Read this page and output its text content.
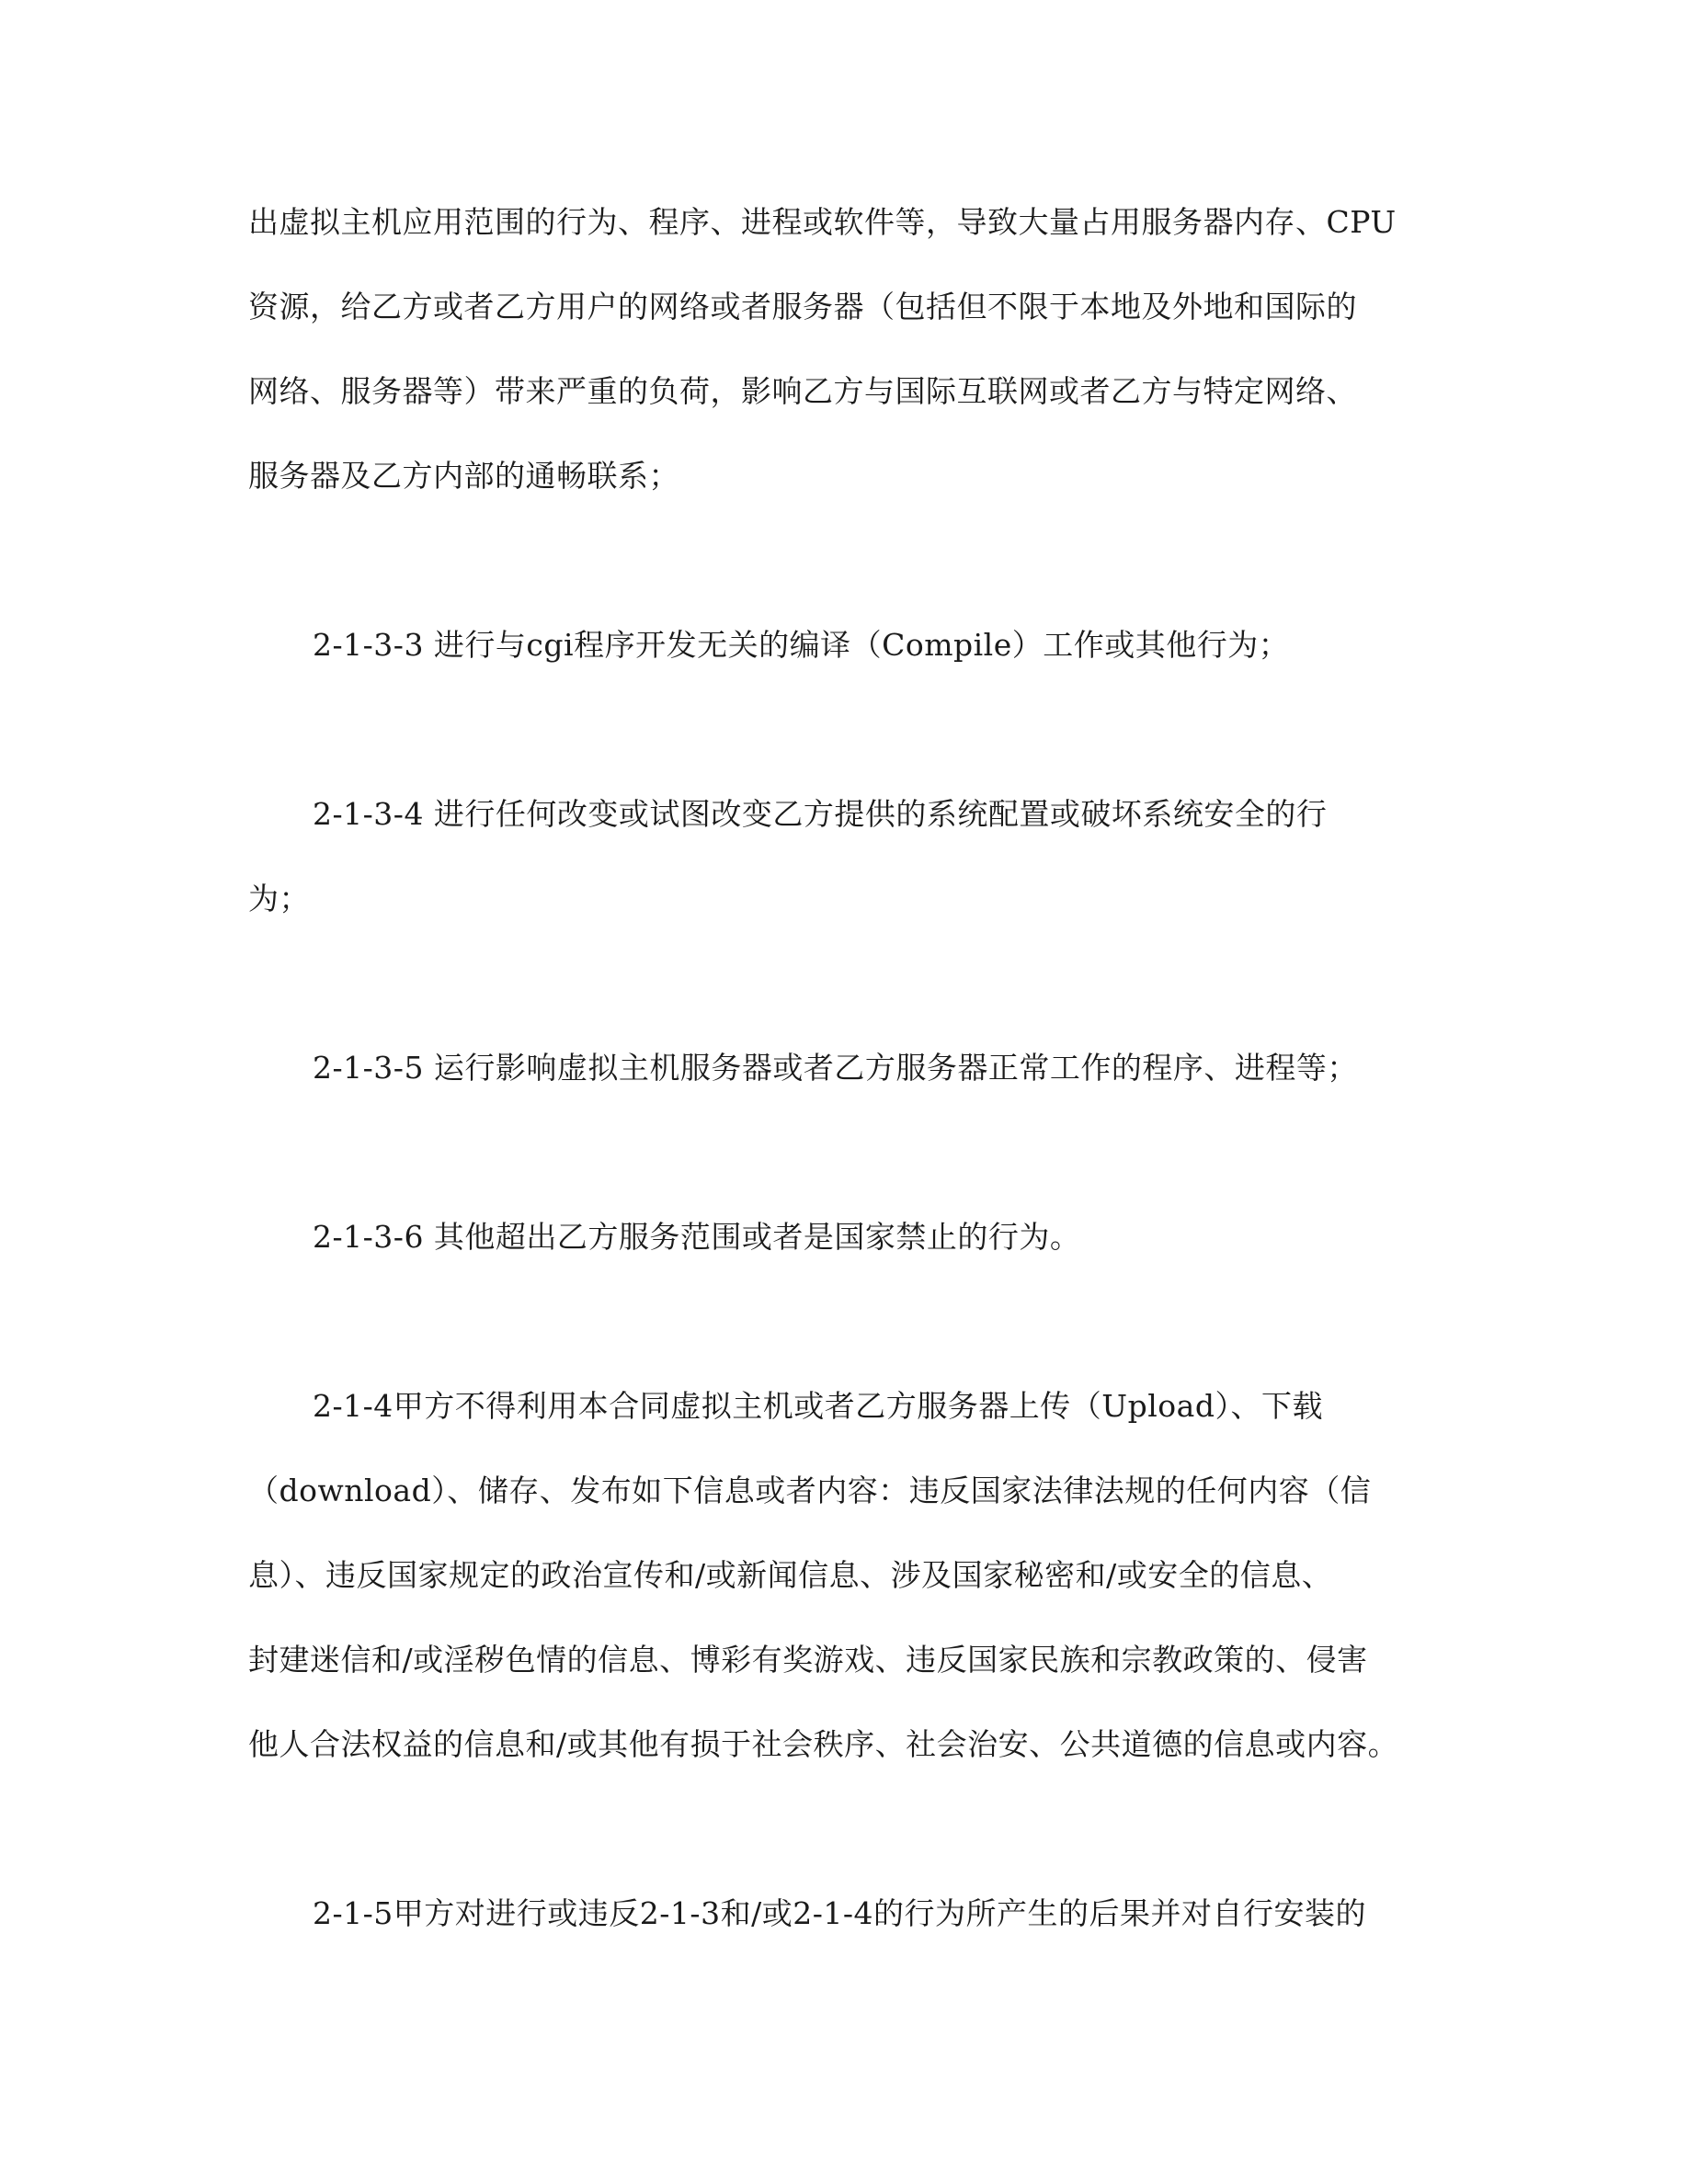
出虚拟主机应用范围的行为、程序、进程或软件等，导致大量占用服务器内存、CPU
资源，给乙方或者乙方用户的网络或者服务器（包括但不限于本地及外地和国际的
网络、服务器等）带来严重的负荷，影响乙方与国际互联网或者乙方与特定网络、
服务器及乙方内部的通畅联系；
2-1-3-3 进行与cgi程序开发无关的编译（Compile）工作或其他行为；
2-1-3-4 进行任何改变或试图改变乙方提供的系统配置或破坏系统安全的行
为；
2-1-3-5 运行影响虚拟主机服务器或者乙方服务器正常工作的程序、进程等；
2-1-3-6 其他超出乙方服务范围或者是国家禁止的行为。
2-1-4甲方不得利用本合同虚拟主机或者乙方服务器上传（Upload）、下载
（download）、储存、发布如下信息或者内容：违反国家法律法规的任何内容（信
息）、违反国家规定的政治宣传和/或新闻信息、涉及国家秘密和/或安全的信息、
封建迷信和/或淫秽色情的信息、博彩有奖游戏、违反国家民族和宗教政策的、侵害
他人合法权益的信息和/或其他有损于社会秩序、社会治安、公共道德的信息或内容。
2-1-5甲方对进行或违反2-1-3和/或2-1-4的行为所产生的后果并对自行安装的
